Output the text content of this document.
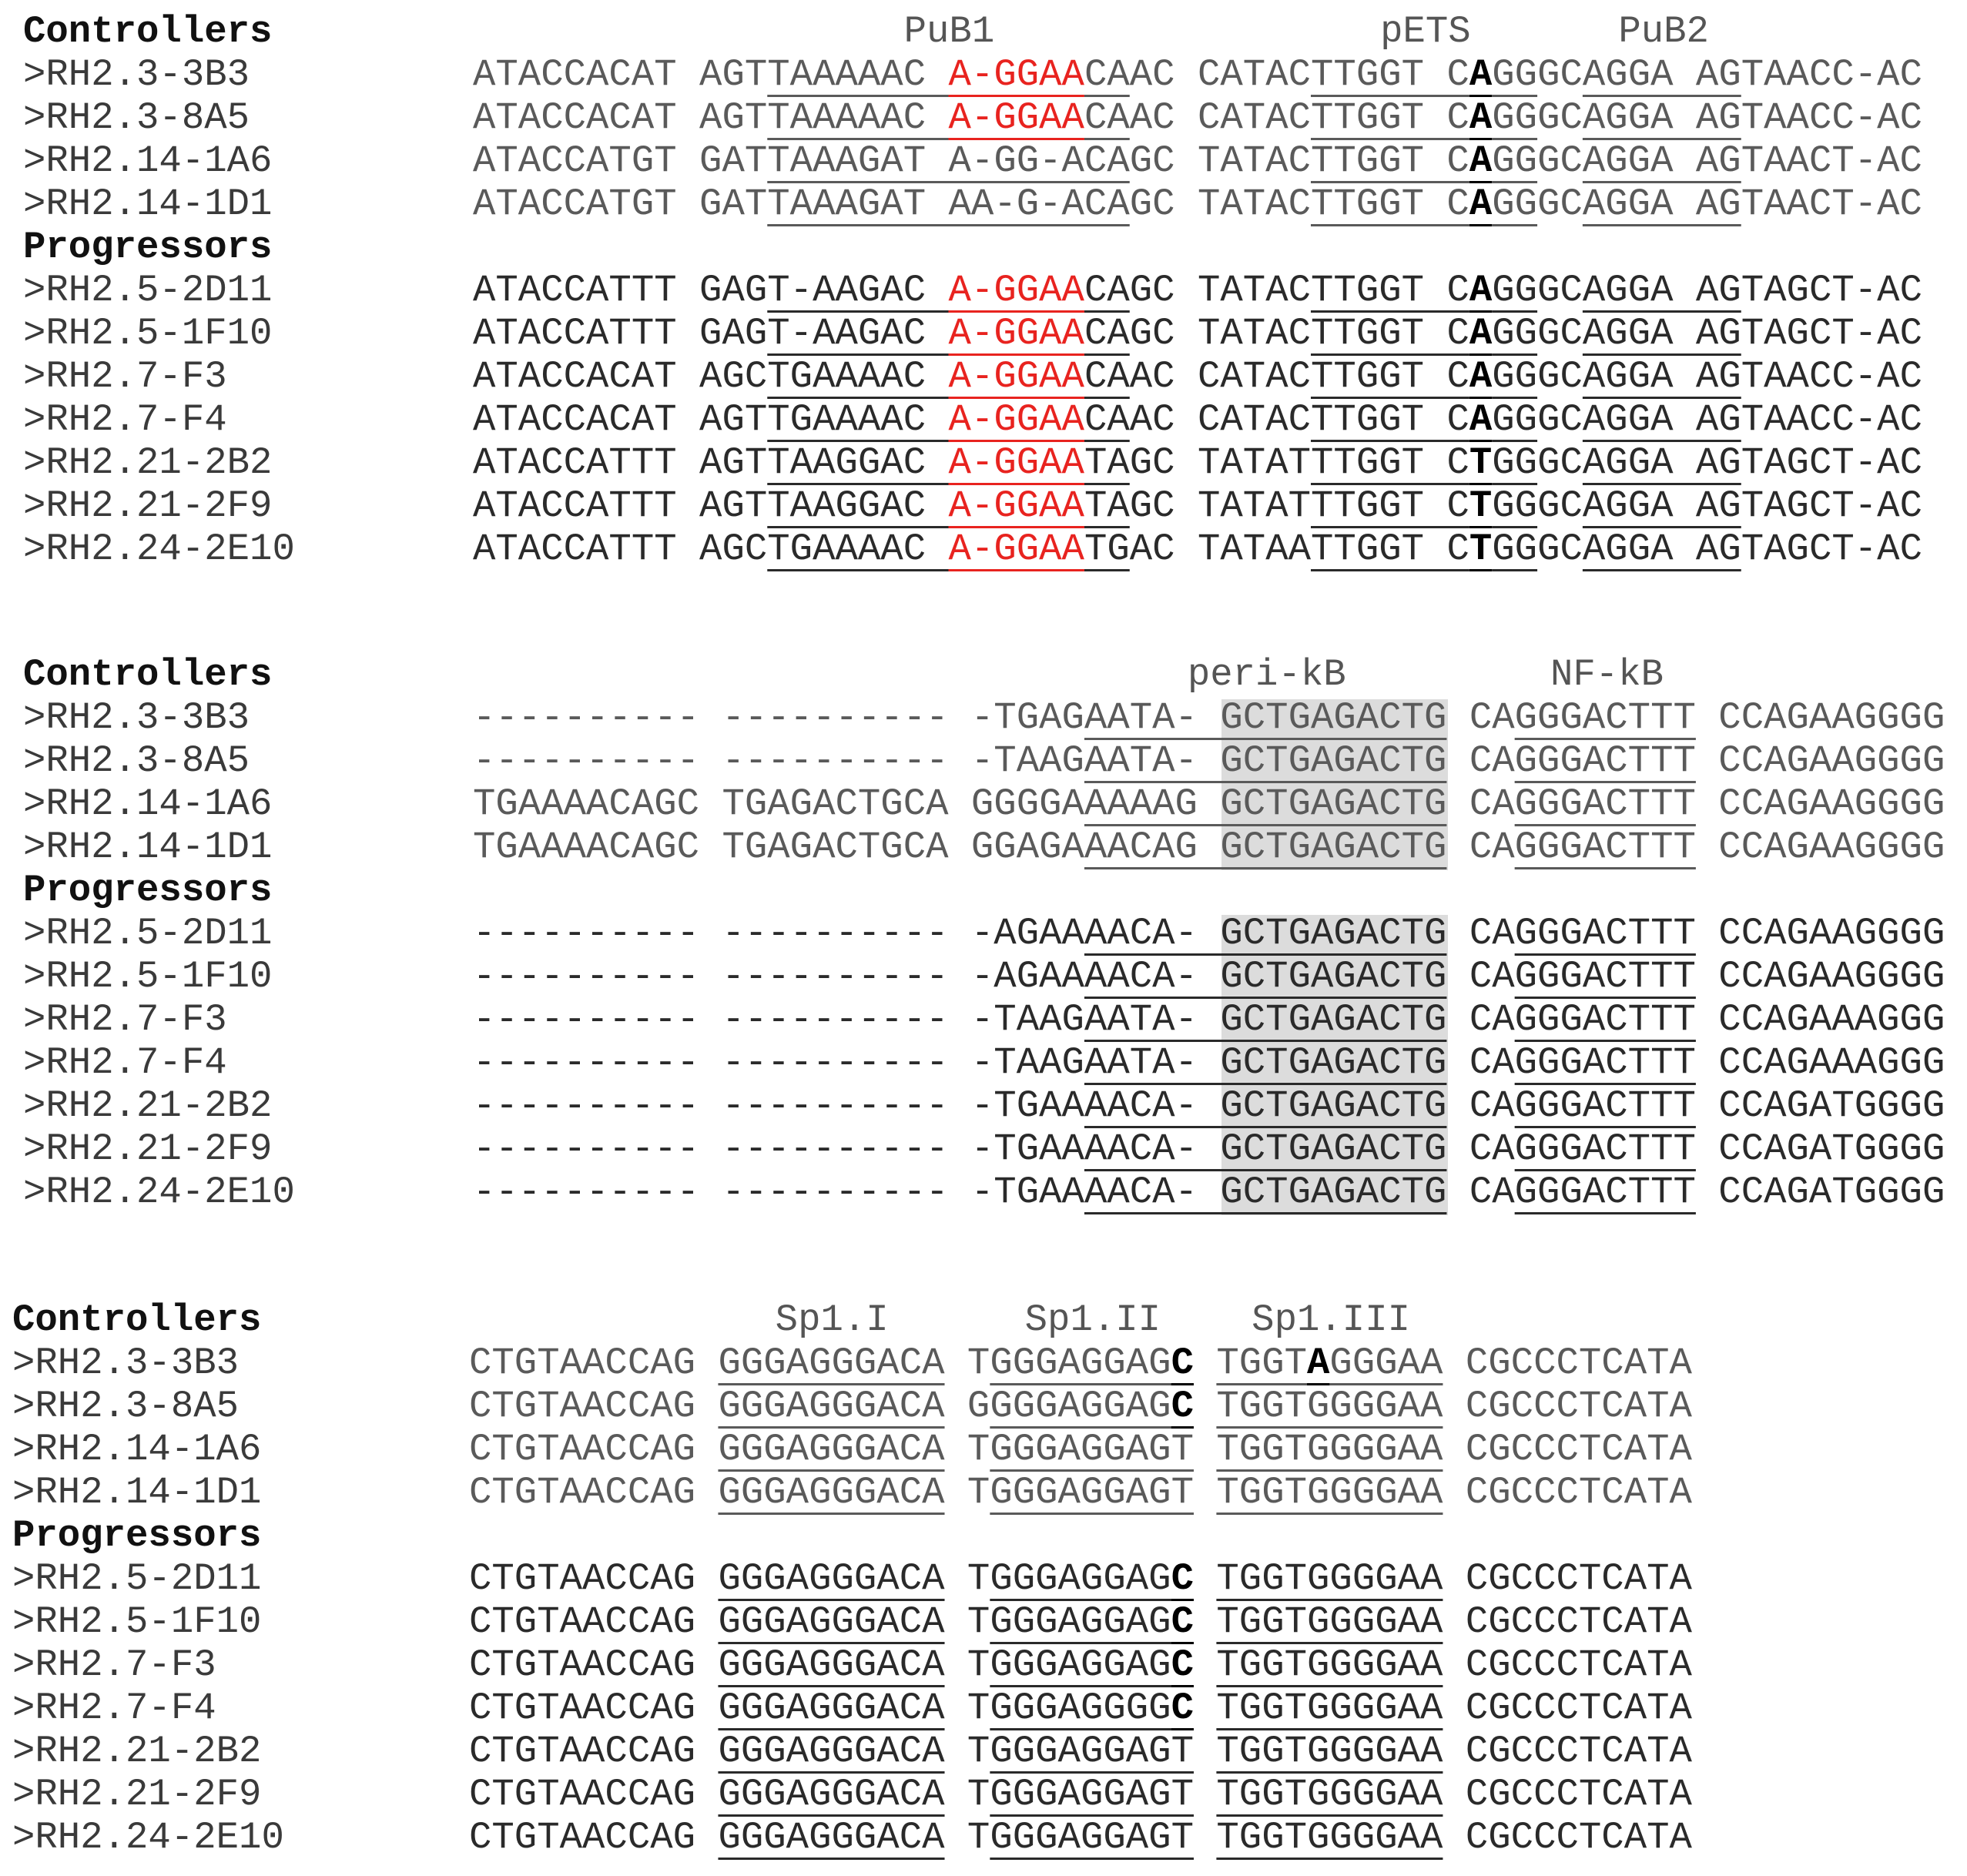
PuB1	pETS	PuB2
Controllers
>RH2.3-3B3	ATACCACAT AGTTAAAAAC A-GGAACAAC CATACTTGGT CAGGGCAGGA AGTAACC-AC
>RH2.3-8A5	ATACCACAT AGTTAAAAAC A-GGAACAAC CATACTTGGT CAGGGCAGGA AGTAACC-AC
>RH2.14-1A6	ATACCATGT GATTAAAGAT A-GG-ACAGC TATACTTGGT CAGGGCAGGA AGTAACT-AC
>RH2.14-1D1	ATACCATGT GATTAAAGAT AA-G-ACAGC TATACTTGGT CAGGGCAGGA AGTAACT-AC
Progressors
>RH2.5-2D11	ATACCATTT GAGT-AAGAC A-GGAACAGC TATACTTGGT CAGGGCAGGA AGTAGCT-AC
>RH2.5-1F10	ATACCATTT GAGT-AAGAC A-GGAACAGC TATACTTGGT CAGGGCAGGA AGTAGCT-AC
>RH2.7-F3	ATACCACAT AGCTGAAAAC A-GGAACAAC CATACTTGGT CAGGGCAGGA AGTAACC-AC
>RH2.7-F4	ATACCACAT AGTTGAAAAC A-GGAACAAC CATACTTGGT CAGGGCAGGA AGTAACC-AC
>RH2.21-2B2	ATACCATTT AGTTAAGGAC A-GGAATAGC TATATTTGGT CTGGGCAGGA AGTAGCT-AC
>RH2.21-2F9	ATACCATTT AGTTAAGGAC A-GGAATAGC TATATTTGGT CTGGGCAGGA AGTAGCT-AC
>RH2.24-2E10	ATACCATTT AGCTGAAAAC A-GGAATGAC TATAATTGGT CTGGGCAGGA AGTAGCT-AC
peri-kB	NF-kB
Controllers
>RH2.3-3B3	---------- ---------- -TGAGAATA- GCTGAGACTG CAGGGACTTT CCAGAAGGGG
>RH2.3-8A5	---------- ---------- -TAAGAATA- GCTGAGACTG CAGGGACTTT CCAGAAGGGG
>RH2.14-1A6	TGAAAACAGC TGAGACTGCA GGGGAAAAAG GCTGAGACTG CAGGGACTTT CCAGAAGGGG
>RH2.14-1D1	TGAAAACAGC TGAGACTGCA GGAGAAACAG GCTGAGACTG CAGGGACTTT CCAGAAGGGG
Progressors
>RH2.5-2D11	---------- ---------- -AGAAAACA- GCTGAGACTG CAGGGACTTT CCAGAAGGGG
>RH2.5-1F10	---------- ---------- -AGAAAACA- GCTGAGACTG CAGGGACTTT CCAGAAGGGG
>RH2.7-F3	---------- ---------- -TAAGAATA- GCTGAGACTG CAGGGACTTT CCAGAAAGGG
>RH2.7-F4	---------- ---------- -TAAGAATA- GCTGAGACTG CAGGGACTTT CCAGAAAGGG
>RH2.21-2B2	---------- ---------- -TGAAAACA- GCTGAGACTG CAGGGACTTT CCAGATGGGG
>RH2.21-2F9	---------- ---------- -TGAAAACA- GCTGAGACTG CAGGGACTTT CCAGATGGGG
>RH2.24-2E10	---------- ---------- -TGAAAACA- GCTGAGACTG CAGGGACTTT CCAGATGGGG
Sp1.I	Sp1.II Sp1.III
Controllers
>RH2.3-3B3	CTGTAACCAG GGGAGGGACA TGGGAGGAGC TGGTAGGGAA CGCCCTCATA
>RH2.3-8A5	CTGTAACCAG GGGAGGGACA GGGGAGGAGC TGGTGGGGAA CGCCCTCATA
>RH2.14-1A6	CTGTAACCAG GGGAGGGACA TGGGAGGAGT TGGTGGGGAA CGCCCTCATA
>RH2.14-1D1	CTGTAACCAG GGGAGGGACA TGGGAGGAGT TGGTGGGGAA CGCCCTCATA
Progressors
>RH2.5-2D11	CTGTAACCAG GGGAGGGACA TGGGAGGAGC TGGTGGGGAA CGCCCTCATA
>RH2.5-1F10	CTGTAACCAG GGGAGGGACA TGGGAGGAGC TGGTGGGGAA CGCCCTCATA
>RH2.7-F3	CTGTAACCAG GGGAGGGACA TGGGAGGAGC TGGTGGGGAA CGCCCTCATA
>RH2.7-F4	CTGTAACCAG GGGAGGGACA TGGGAGGGGC TGGTGGGGAA CGCCCTCATA
>RH2.21-2B2	CTGTAACCAG GGGAGGGACA TGGGAGGAGT TGGTGGGGAA CGCCCTCATA
>RH2.21-2F9	CTGTAACCAG GGGAGGGACA TGGGAGGAGT TGGTGGGGAA CGCCCTCATA
>RH2.24-2E10	CTGTAACCAG GGGAGGGACA TGGGAGGAGT TGGTGGGGAA CGCCCTCATA
